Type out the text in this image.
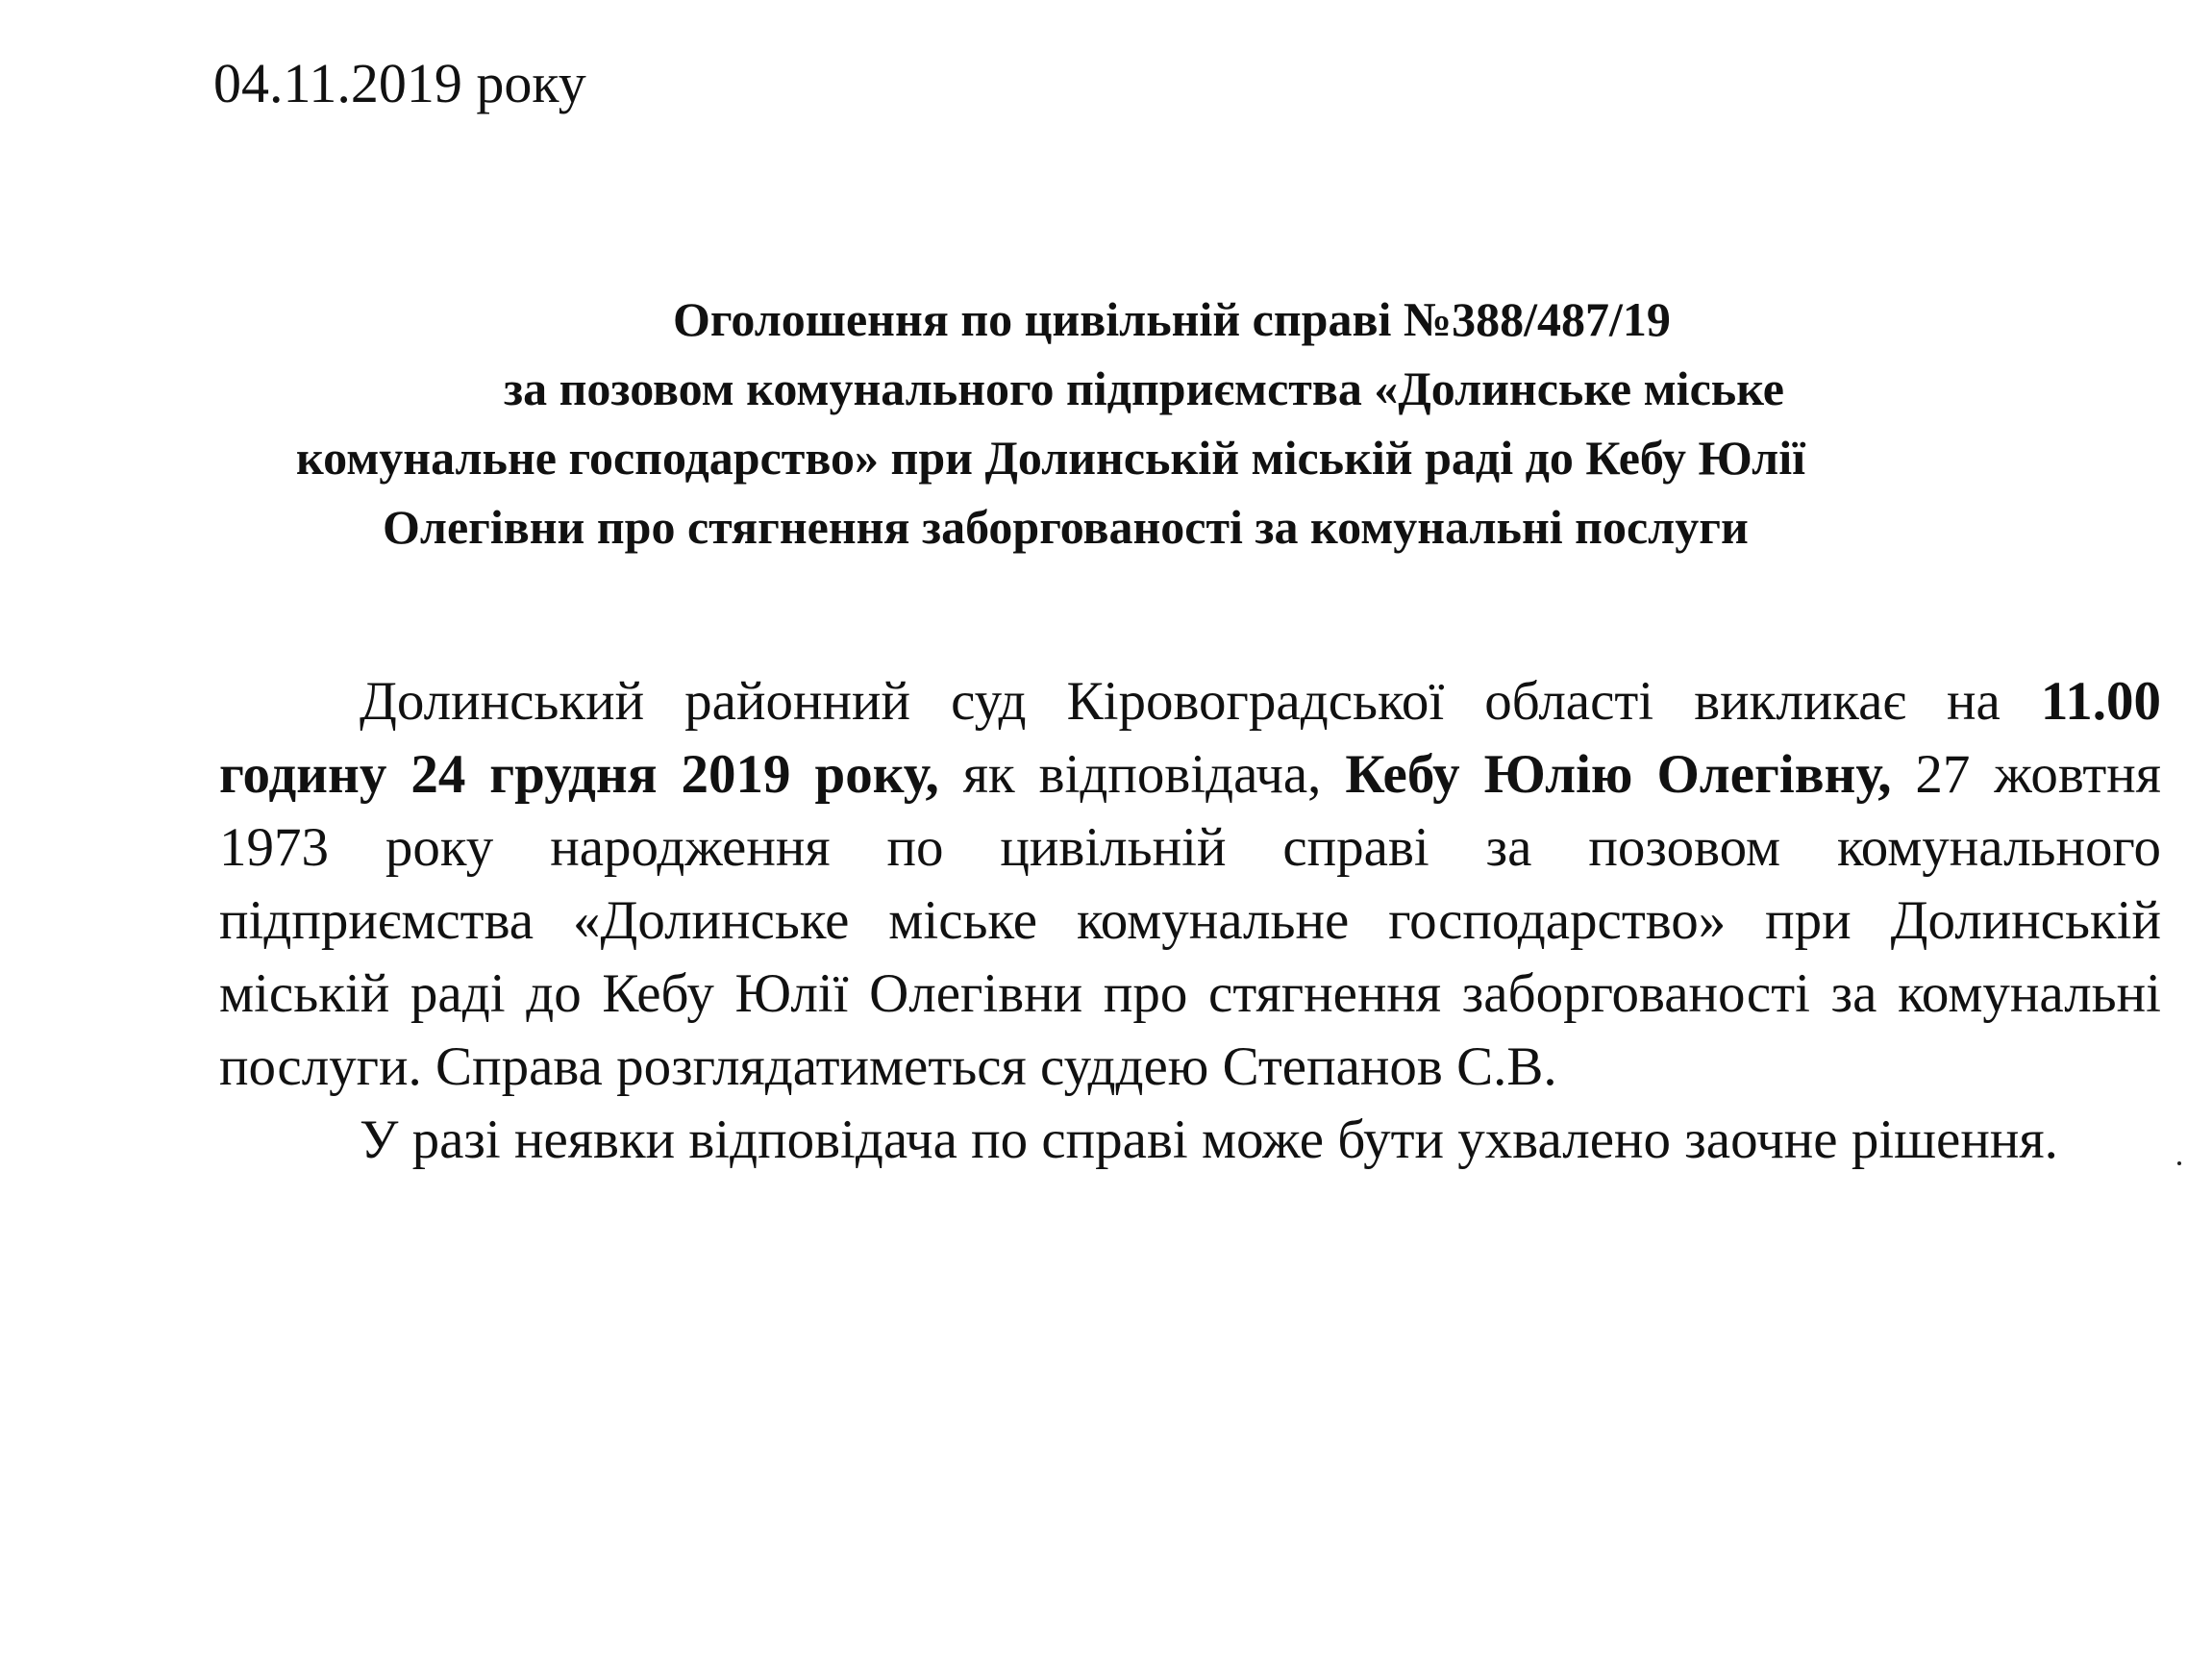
04.11.2019 року
Оголошення по цивільній справі №388/487/19
за позовом комунального підприємства «Долинське міське
комунальне господарство» при Долинській міській раді до Кебу Юлії
Олегівни про стягнення заборгованості за комунальні послуги
Долинський районний суд Кіровоградської області викликає на 11.00
годину 24 грудня 2019 року, як відповідача, Кебу Юлію Олегівну, 27 жовтня
1973 року народження по цивільній справі за позовом комунального
підприємства «Долинське міське комунальне господарство» при Долинській
міській раді до Кебу Юлії Олегівни про стягнення заборгованості за комунальні
послуги. Справа розглядатиметься суддею Степанов С.В.
У разі неявки відповідача по справі може бути ухвалено заочне рішення.
